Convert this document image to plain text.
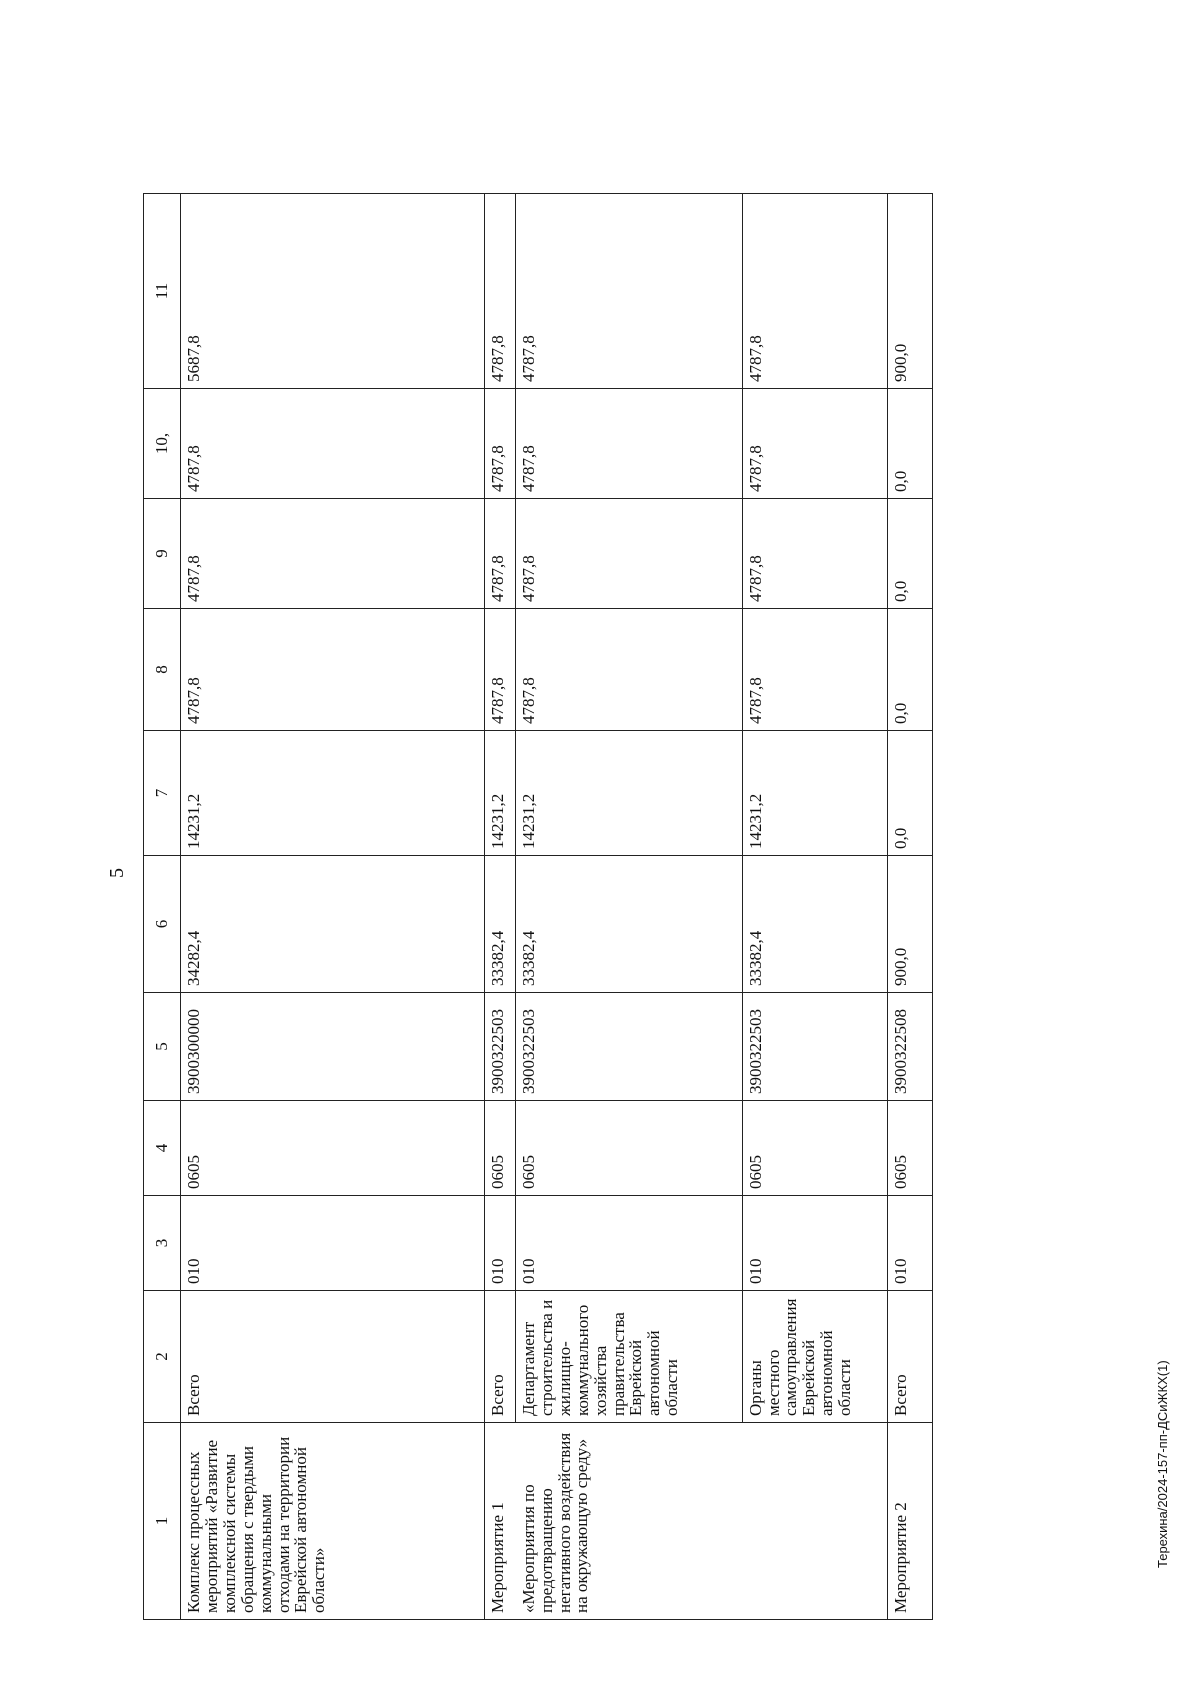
5
Терехина/2024-157-пп-ДСиЖКХ(1)
1	2	3	4	5	6	7	8	9	10,	11
Комплекс процессных мероприятий «Развитие комплексной системы обращения с твердыми коммунальными отходами на территории Еврейской автономной области»	Всего	010	0605	3900300000	34282,4	14231,2	4787,8	4787,8	4787,8	5687,8
Мероприятие 1	Всего	010	0605	3900322503	33382,4	14231,2	4787,8	4787,8	4787,8	4787,8
«Мероприятия по предотвращению негативного воздействия на окружающую среду»	Департамент строительства и жилищно-коммунального хозяйства правительства Еврейской автономной области	010	0605	3900322503	33382,4	14231,2	4787,8	4787,8	4787,8	4787,8
	Органы местного самоуправления Еврейской автономной области	010	0605	3900322503	33382,4	14231,2	4787,8	4787,8	4787,8	4787,8
Мероприятие 2	Всего	010	0605	3900322508	900,0	0,0	0,0	0,0	0,0	900,0
